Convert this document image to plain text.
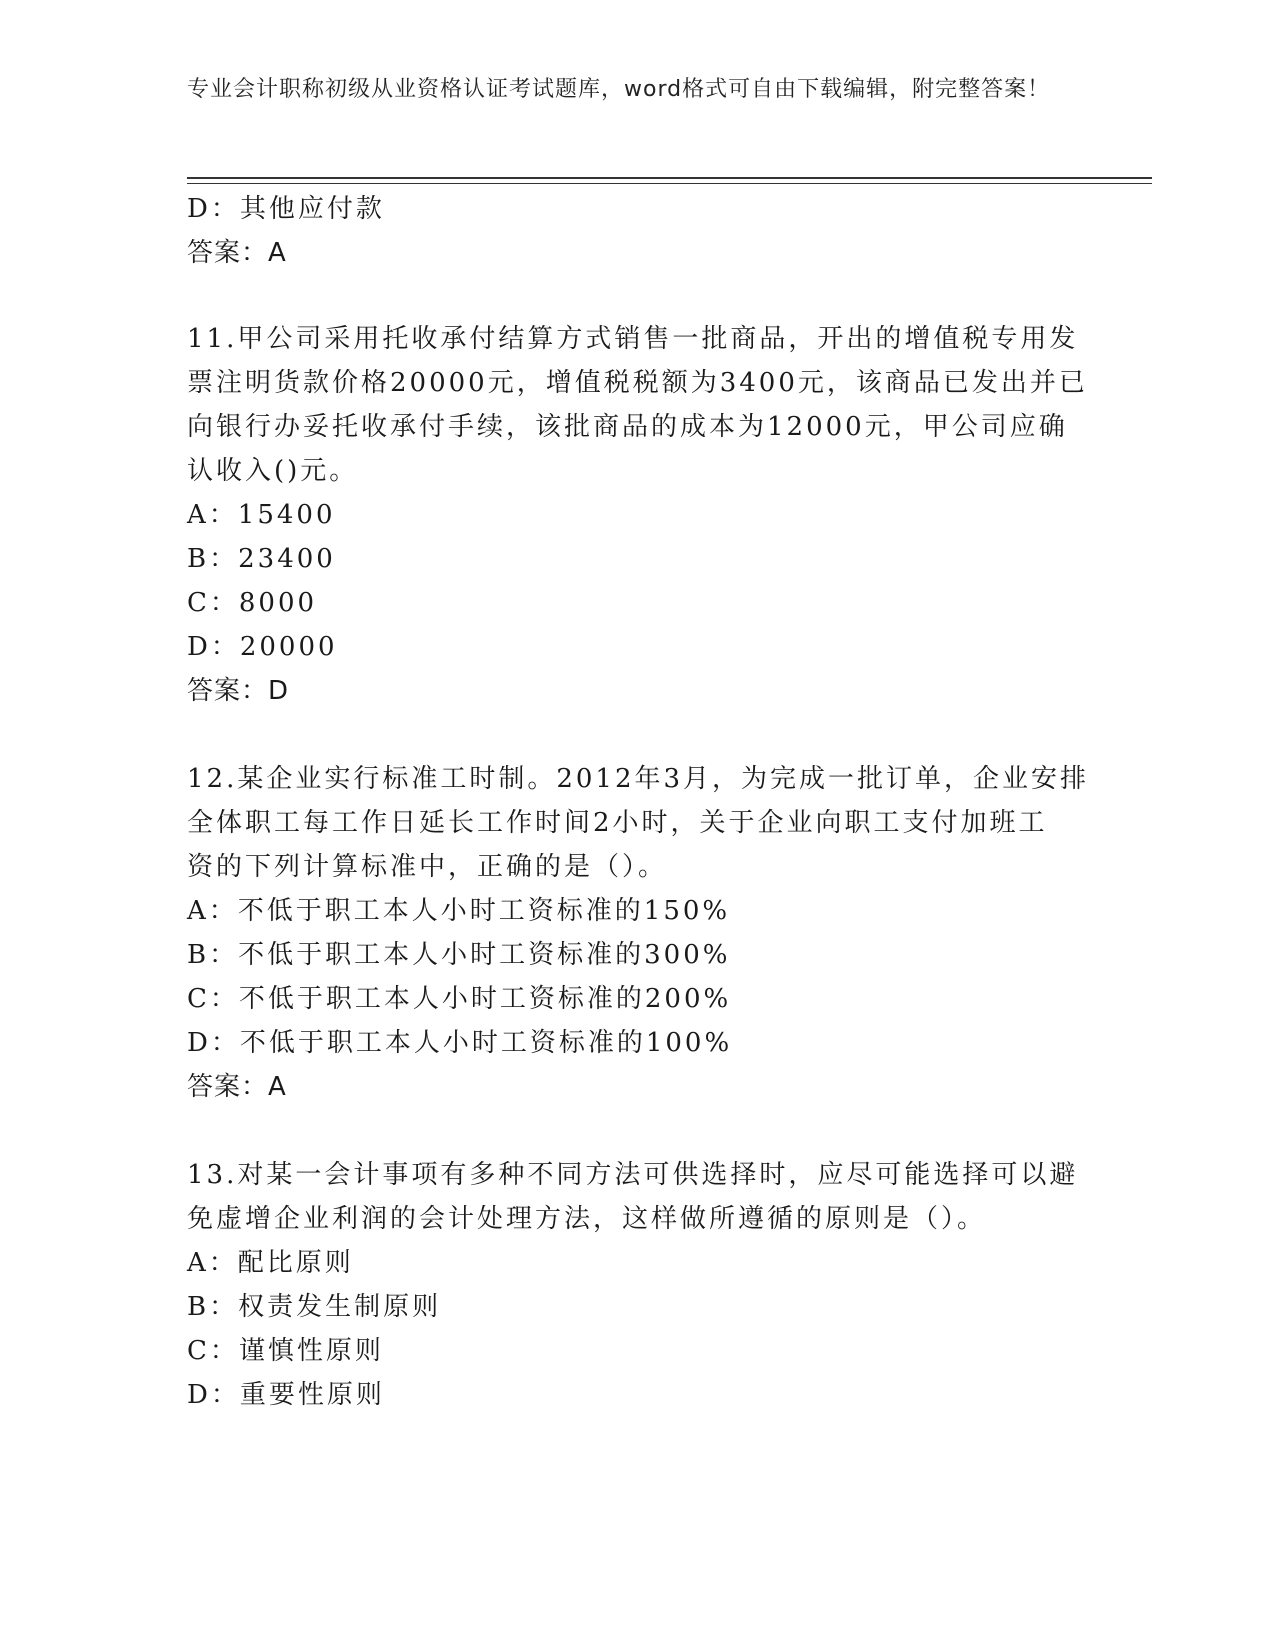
专业会计职称初级从业资格认证考试题库，word格式可自由下载编辑，附完整答案！
D：其他应付款
答案：A
11.甲公司采用托收承付结算方式销售一批商品，开出的增值税专用发
票注明货款价格20000元，增值税税额为3400元，该商品已发出并已
向银行办妥托收承付手续，该批商品的成本为12000元，甲公司应确
认收入()元。
A：15400
B：23400
C：8000
D：20000
答案：D
12.某企业实行标准工时制。2012年3月，为完成一批订单，企业安排
全体职工每工作日延长工作时间2小时，关于企业向职工支付加班工
资的下列计算标准中，正确的是（）。
A：不低于职工本人小时工资标准的150%
B：不低于职工本人小时工资标准的300%
C：不低于职工本人小时工资标准的200%
D：不低于职工本人小时工资标准的100%
答案：A
13.对某一会计事项有多种不同方法可供选择时，应尽可能选择可以避
免虚增企业利润的会计处理方法，这样做所遵循的原则是（）。
A：配比原则
B：权责发生制原则
C：谨慎性原则
D：重要性原则
